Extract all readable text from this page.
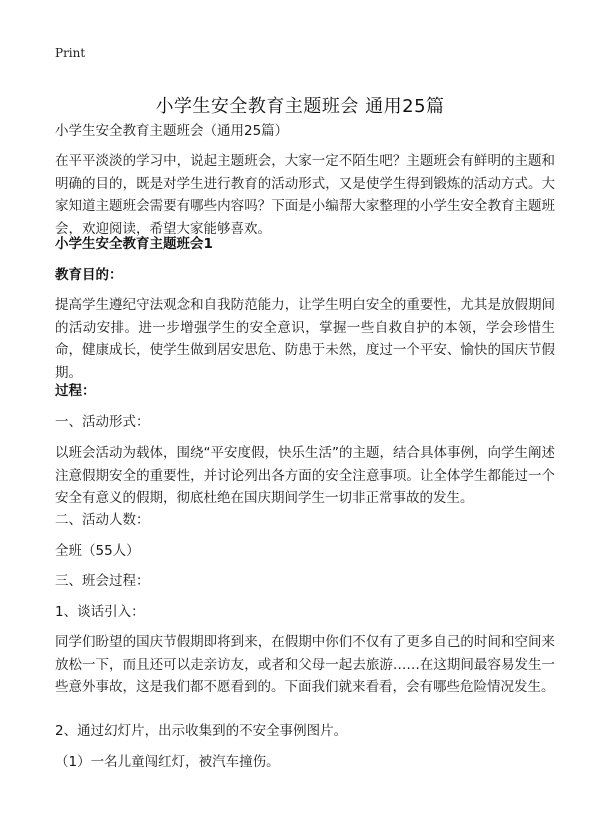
Print
小学生安全教育主题班会 通用25篇

小学生安全教育主题班会（通用25篇）

在平平淡淡的学习中，说起主题班会，大家一定不陌生吧？主题班会有鲜明的主题和明确的目的，既是对学生进行教育的活动形式，又是使学生得到锻炼的活动方式。大家知道主题班会需要有哪些内容吗？下面是小编帮大家整理的小学生安全教育主题班会，欢迎阅读，希望大家能够喜欢。

小学生安全教育主题班会1

教育目的：

提高学生遵纪守法观念和自我防范能力，让学生明白安全的重要性，尤其是放假期间的活动安排。进一步增强学生的安全意识，掌握一些自救自护的本领，学会珍惜生命，健康成长，使学生做到居安思危、防患于未然，度过一个平安、愉快的国庆节假期。

过程：

一、活动形式：

以班会活动为载体，围绕“平安度假，快乐生活”的主题，结合具体事例，向学生阐述注意假期安全的重要性，并讨论列出各方面的安全注意事项。让全体学生都能过一个安全有意义的假期，彻底杜绝在国庆期间学生一切非正常事故的发生。

二、活动人数：

全班（55人）

三、班会过程：

1、谈话引入：

同学们盼望的国庆节假期即将到来，在假期中你们不仅有了更多自己的时间和空间来放松一下，而且还可以走亲访友，或者和父母一起去旅游……在这期间最容易发生一些意外事故，这是我们都不愿看到的。下面我们就来看看，会有哪些危险情况发生。

2、通过幻灯片，出示收集到的不安全事例图片。

（1）一名儿童闯红灯，被汽车撞伤。
